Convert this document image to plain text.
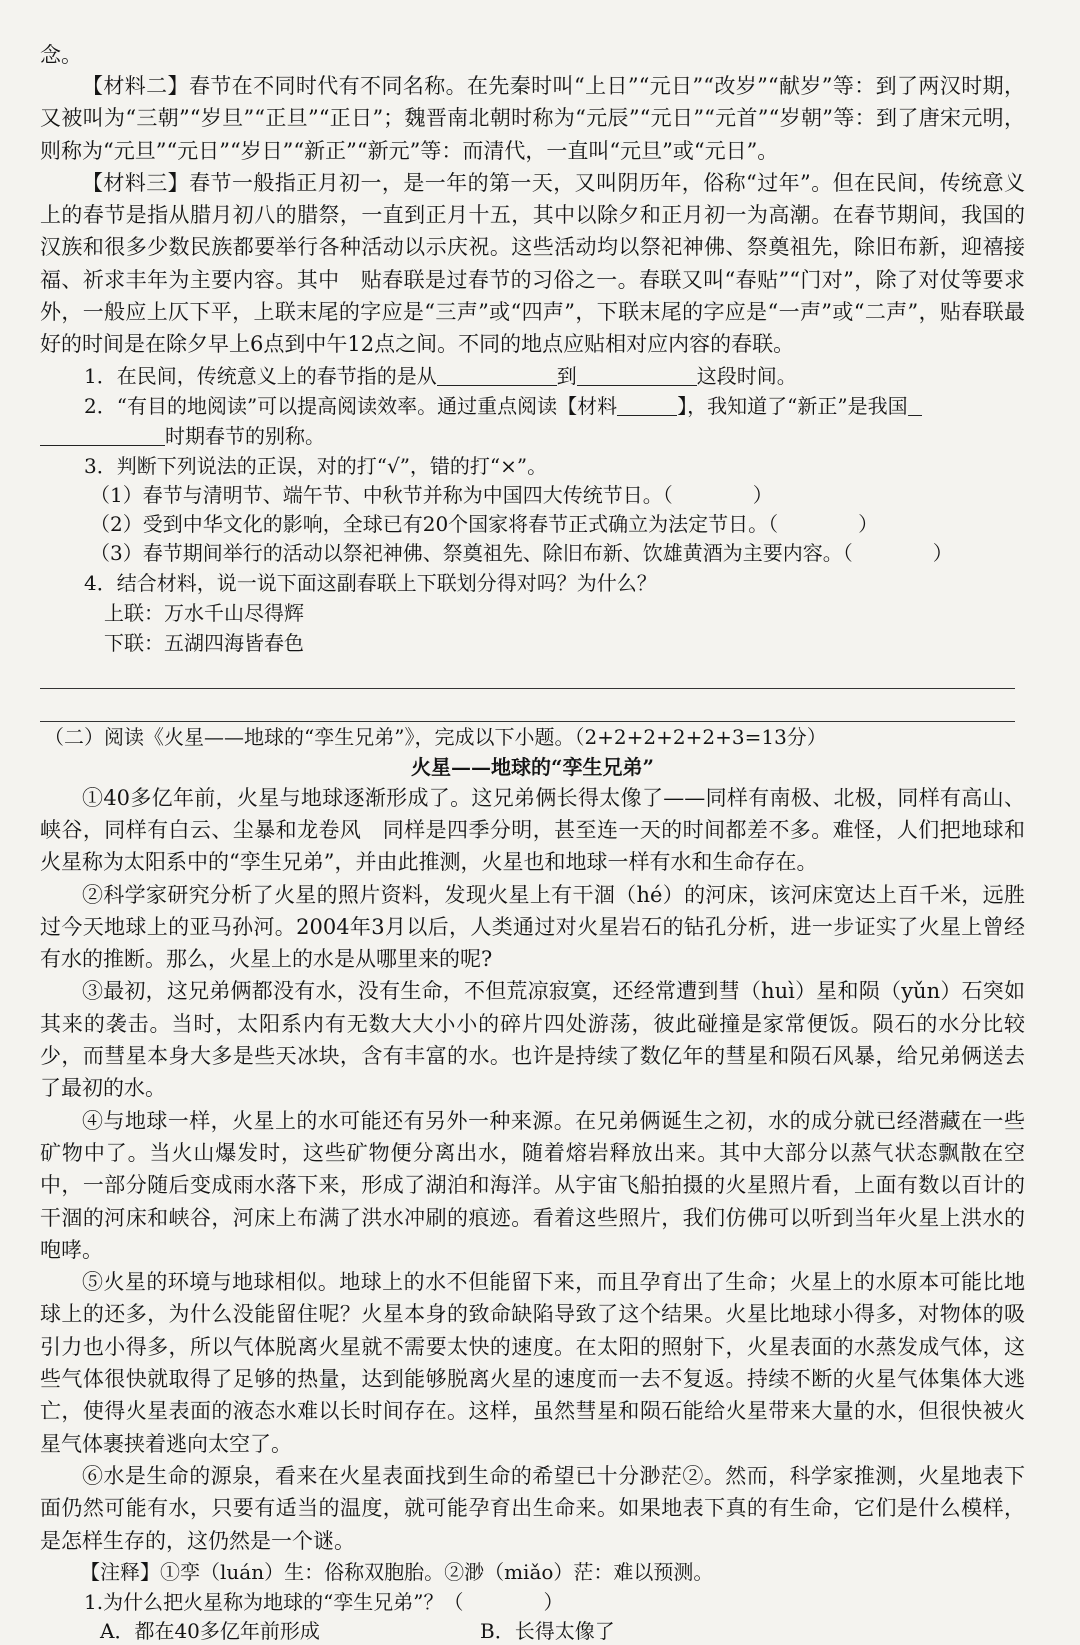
念。

【材料二】春节在不同时代有不同名称。在先秦时叫“上日”“元日”“改岁”“献岁”等：到了两汉时期，又被叫为“三朝”“岁旦”“正旦”“正日”；魏晋南北朝时称为“元辰”“元日”“元首”“岁朝”等：到了唐宋元明，则称为“元旦”“元日”“岁日”“新正”“新元”等：而清代，一直叫“元旦”或“元日”。

【材料三】春节一般指正月初一，是一年的第一天，又叫阴历年，俗称“过年”。但在民间，传统意义上的春节是指从腊月初八的腊祭，一直到正月十五，其中以除夕和正月初一为高潮。在春节期间，我国的汉族和很多少数民族都要举行各种活动以示庆祝。这些活动均以祭祀神佛、祭奠祖先，除旧布新，迎禧接福、祈求丰年为主要内容。其中　贴春联是过春节的习俗之一。春联又叫“春贴”“门对”，除了对仗等要求外，一般应上仄下平，上联末尾的字应是“三声”或“四声”，下联末尾的字应是“一声”或“二声”，贴春联最好的时间是在除夕早上6点到中午12点之间。不同的地点应贴相对应内容的春联。

1．在民间，传统意义上的春节指的是从	到	这段时间。

2．“有目的地阅读”可以提高阅读效率。通过重点阅读【材料	】，我知道了“新正”是我国

时期春节的别称。

3．判断下列说法的正误，对的打“√”，错的打“×”。

（1）春节与清明节、端午节、中秋节并称为中国四大传统节日。（　　　　）

（2）受到中华文化的影响，全球已有20个国家将春节正式确立为法定节日。（　　　　）

（3）春节期间举行的活动以祭祀神佛、祭奠祖先、除旧布新、饮雄黄酒为主要内容。（　　　　）

4．结合材料，说一说下面这副春联上下联划分得对吗？为什么？

上联：万水千山尽得辉

下联：五湖四海皆春色

（二）阅读《火星——地球的“孪生兄弟”》，完成以下小题。（2+2+2+2+2+3=13分）

火星——地球的“孪生兄弟”

①40多亿年前，火星与地球逐渐形成了。这兄弟俩长得太像了——同样有南极、北极，同样有高山、峡谷，同样有白云、尘暴和龙卷风　同样是四季分明，甚至连一天的时间都差不多。难怪，人们把地球和火星称为太阳系中的“孪生兄弟”，并由此推测，火星也和地球一样有水和生命存在。

②科学家研究分析了火星的照片资料，发现火星上有干涸（hé）的河床，该河床宽达上百千米，远胜过今天地球上的亚马孙河。2004年3月以后，人类通过对火星岩石的钻孔分析，进一步证实了火星上曾经有水的推断。那么，火星上的水是从哪里来的呢?

③最初，这兄弟俩都没有水，没有生命，不但荒凉寂寞，还经常遭到彗（huì）星和陨（yǔn）石突如其来的袭击。当时，太阳系内有无数大大小小的碎片四处游荡，彼此碰撞是家常便饭。陨石的水分比较少，而彗星本身大多是些天冰块，含有丰富的水。也许是持续了数亿年的彗星和陨石风暴，给兄弟俩送去了最初的水。

④与地球一样，火星上的水可能还有另外一种来源。在兄弟俩诞生之初，水的成分就已经潜藏在一些矿物中了。当火山爆发时，这些矿物便分离出水，随着熔岩释放出来。其中大部分以蒸气状态飘散在空中，一部分随后变成雨水落下来，形成了湖泊和海洋。从宇宙飞船拍摄的火星照片看，上面有数以百计的干涸的河床和峡谷，河床上布满了洪水冲刷的痕迹。看着这些照片，我们仿佛可以听到当年火星上洪水的咆哮。

⑤火星的环境与地球相似。地球上的水不但能留下来，而且孕育出了生命；火星上的水原本可能比地球上的还多，为什么没能留住呢？火星本身的致命缺陷导致了这个结果。火星比地球小得多，对物体的吸引力也小得多，所以气体脱离火星就不需要太快的速度。在太阳的照射下，火星表面的水蒸发成气体，这些气体很快就取得了足够的热量，达到能够脱离火星的速度而一去不复返。持续不断的火星气体集体大逃亡，使得火星表面的液态水难以长时间存在。这样，虽然彗星和陨石能给火星带来大量的水，但很快被火星气体裹挟着逃向太空了。

⑥水是生命的源泉，看来在火星表面找到生命的希望已十分渺茫②。然而，科学家推测，火星地表下面仍然可能有水，只要有适当的温度，就可能孕育出生命来。如果地表下真的有生命，它们是什么模样，是怎样生存的，这仍然是一个谜。

【注释】①孪（luán）生：俗称双胞胎。②渺（miǎo）茫：难以预测。

1.为什么把火星称为地球的“孪生兄弟”？（　　　　）

A．都在40多亿年前形成	B．长得太像了
